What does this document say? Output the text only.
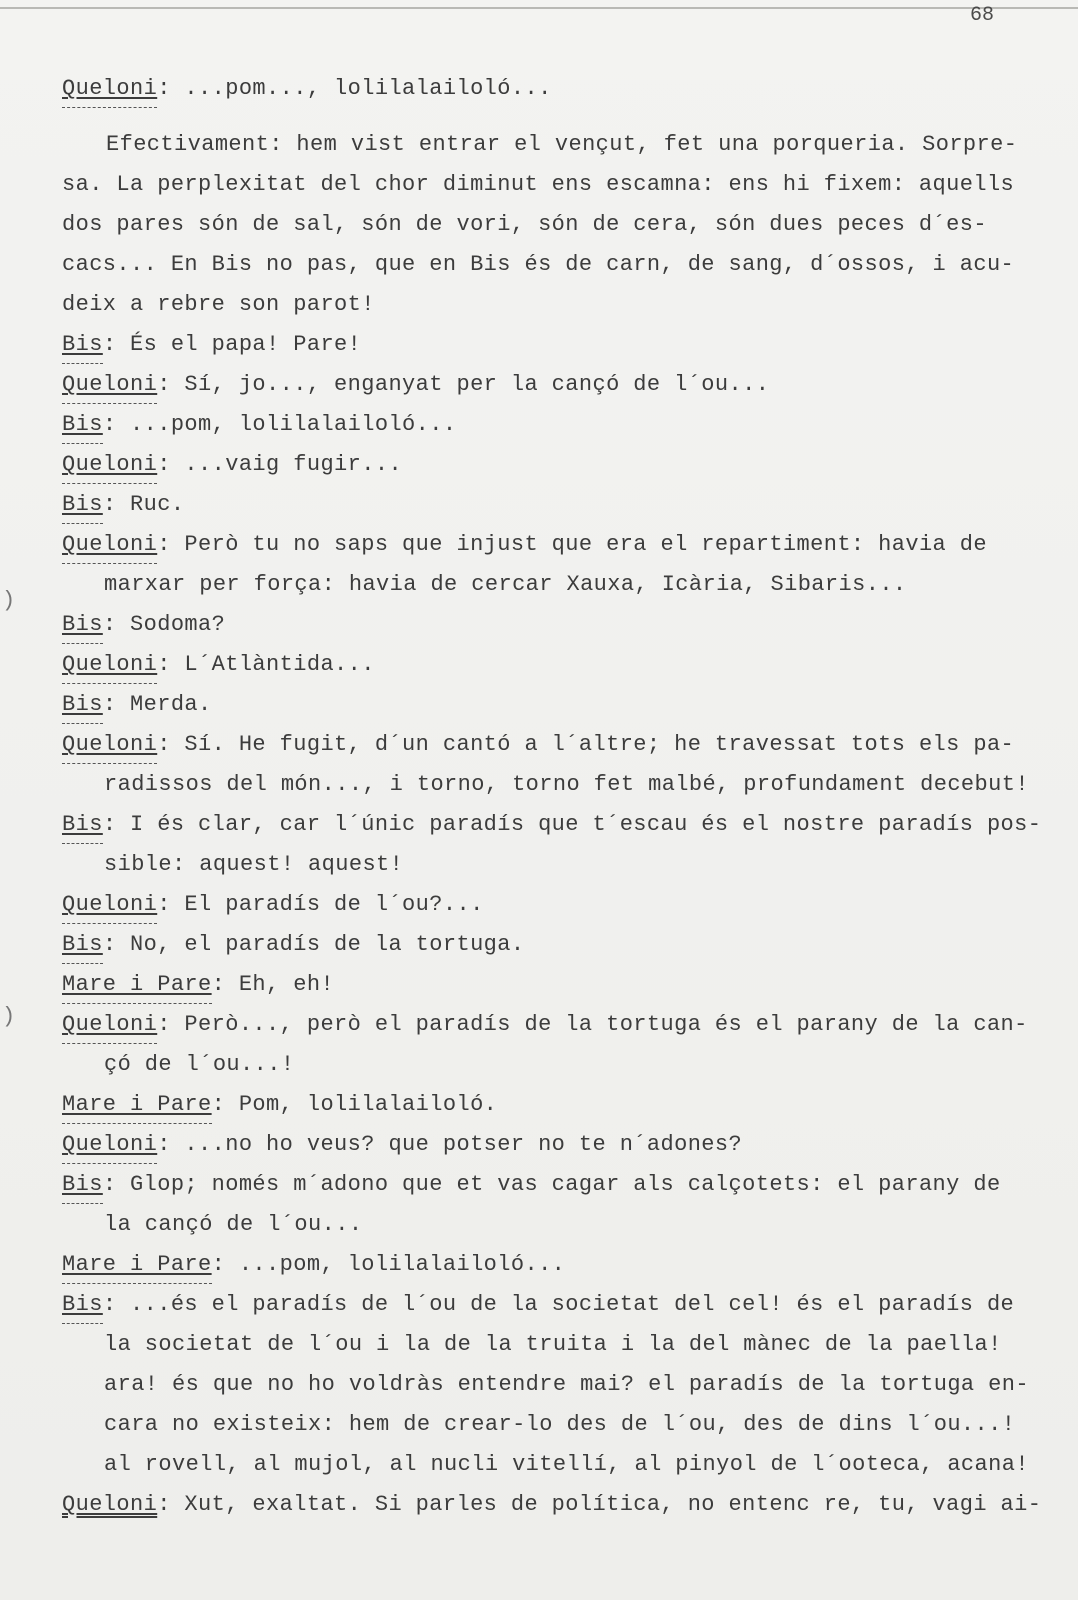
68
)
)
Queloni: ...pom..., lolilalailoló...
Efectivament: hem vist entrar el vençut, fet una porqueria. Sorpre-
sa. La perplexitat del chor diminut ens escamna: ens hi fixem: aquells
dos pares són de sal, són de vori, són de cera, són dues peces d´es-
cacs... En Bis no pas, que en Bis és de carn, de sang, d´ossos, i acu-
deix a rebre son parot!
Bis: És el papa! Pare!
Queloni: Sí, jo..., enganyat per la cançó de l´ou...
Bis: ...pom, lolilalailoló...
Queloni: ...vaig fugir...
Bis: Ruc.
Queloni: Però tu no saps que injust que era el repartiment: havia de
marxar per força: havia de cercar Xauxa, Icària, Sibaris...
Bis: Sodoma?
Queloni: L´Atlàntida...
Bis: Merda.
Queloni: Sí. He fugit, d´un cantó a l´altre; he travessat tots els pa-
radissos del món..., i torno, torno fet malbé, profundament decebut!
Bis: I és clar, car l´únic paradís que t´escau és el nostre paradís pos-
sible: aquest! aquest!
Queloni: El paradís de l´ou?...
Bis: No, el paradís de la tortuga.
Mare i Pare: Eh, eh!
Queloni: Però..., però el paradís de la tortuga és el parany de la can-
çó de l´ou...!
Mare i Pare: Pom, lolilalailoló.
Queloni: ...no ho veus? que potser no te n´adones?
Bis: Glop; només m´adono que et vas cagar als calçotets: el parany de
la cançó de l´ou...
Mare i Pare: ...pom, lolilalailoló...
Bis: ...és el paradís de l´ou de la societat del cel! és el paradís de
la societat de l´ou i la de la truita i la del mànec de la paella!
ara! és que no ho voldràs entendre mai? el paradís de la tortuga en-
cara no existeix: hem de crear-lo des de l´ou, des de dins l´ou...!
al rovell, al mujol, al nucli vitellí, al pinyol de l´ooteca, acana!
Queloni: Xut, exaltat. Si parles de política, no entenc re, tu, vagi ai-
